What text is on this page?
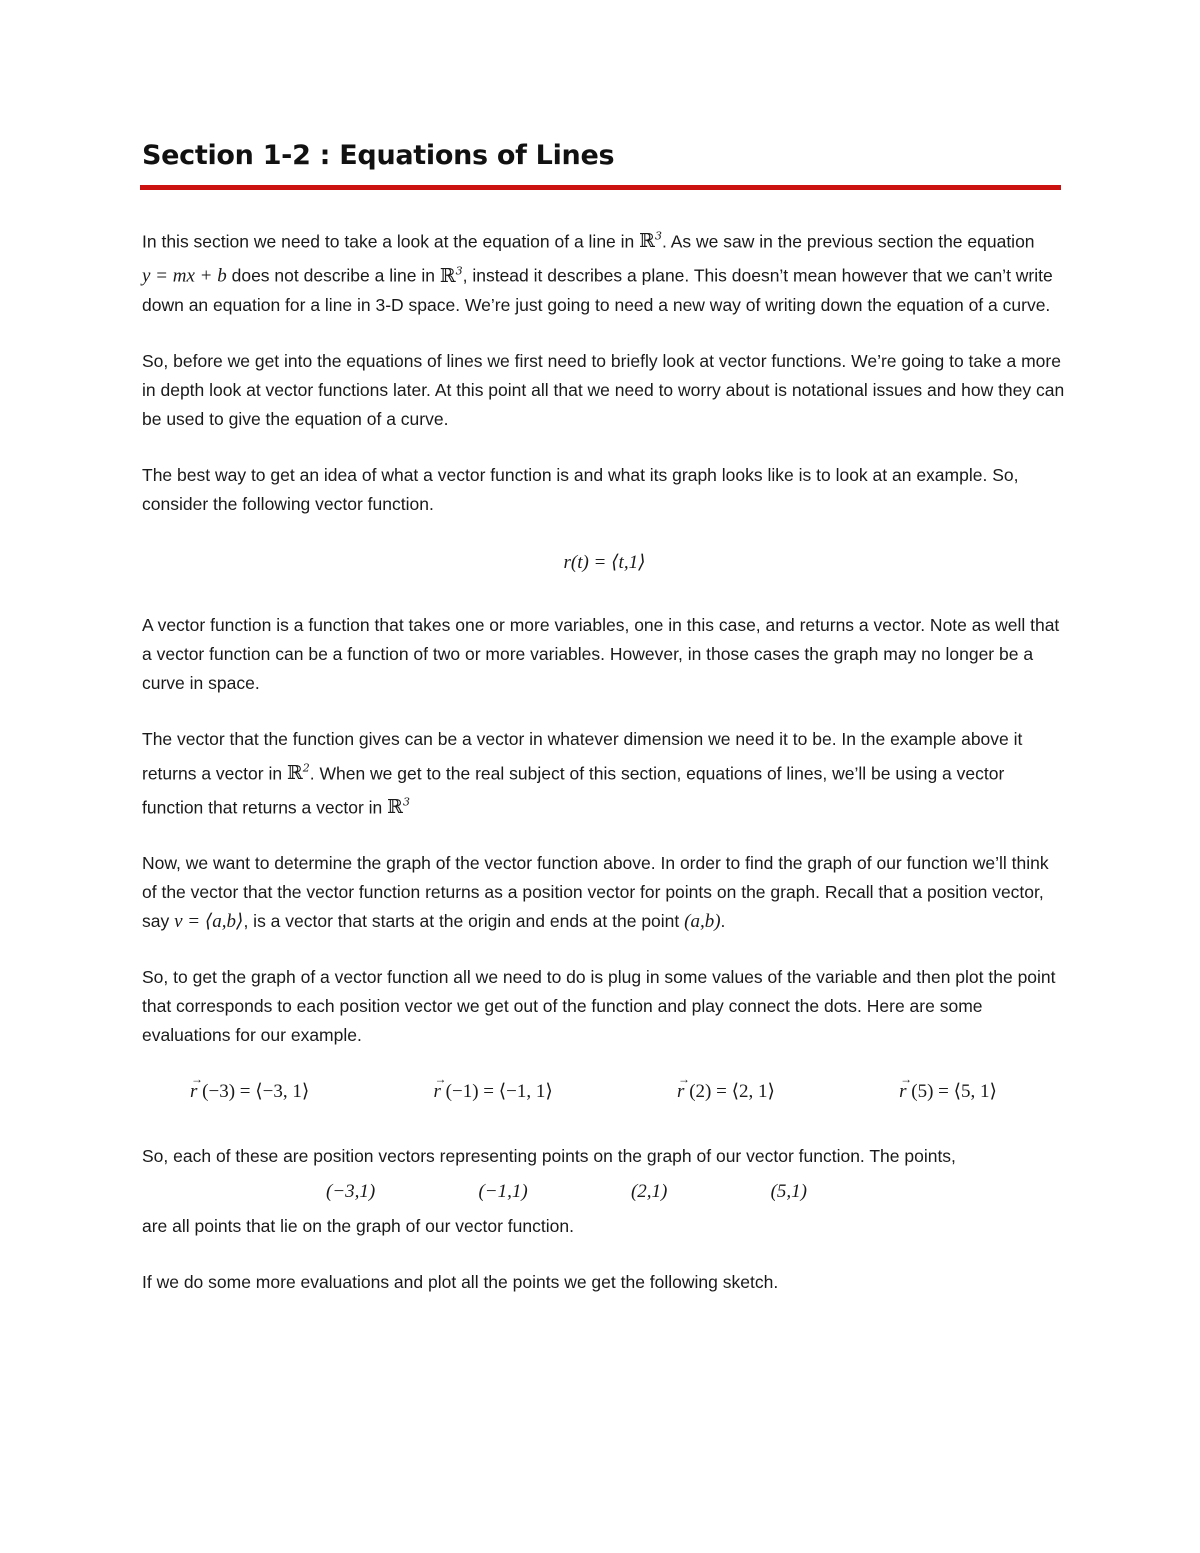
Section 1-2 : Equations of Lines

In this section we need to take a look at the equation of a line in ℝ$^3$. As we saw in the previous section the equation y = mx + b does not describe a line in ℝ$^3$, instead it describes a plane. This doesn’t mean however that we can’t write down an equation for a line in 3-D space. We’re just going to need a new way of writing down the equation of a curve.

So, before we get into the equations of lines we first need to briefly look at vector functions. We’re going to take a more in depth look at vector functions later. At this point all that we need to worry about is notational issues and how they can be used to give the equation of a curve.

The best way to get an idea of what a vector function is and what its graph looks like is to look at an example. So, consider the following vector function.

r(t) = ⟨t,1⟩

A vector function is a function that takes one or more variables, one in this case, and returns a vector. Note as well that a vector function can be a function of two or more variables. However, in those cases the graph may no longer be a curve in space.

The vector that the function gives can be a vector in whatever dimension we need it to be. In the example above it returns a vector in ℝ$^2$. When we get to the real subject of this section, equations of lines, we’ll be using a vector function that returns a vector in ℝ$^3$

Now, we want to determine the graph of the vector function above. In order to find the graph of our function we’ll think of the vector that the vector function returns as a position vector for points on the graph. Recall that a position vector, say v = ⟨a,b⟩, is a vector that starts at the origin and ends at the point (a,b).

So, to get the graph of a vector function all we need to do is plug in some values of the variable and then plot the point that corresponds to each position vector we get out of the function and play connect the dots. Here are some evaluations for our example.

→ r (−3) = ⟨−3, 1⟩	→ r (−1) = ⟨−1, 1⟩	→ r (2) = ⟨2, 1⟩	→ r (5) = ⟨5, 1⟩

So, each of these are position vectors representing points on the graph of our vector function. The points,

(−3,1)	(−1,1)	(2,1)	(5,1)

are all points that lie on the graph of our vector function.

If we do some more evaluations and plot all the points we get the following sketch.
